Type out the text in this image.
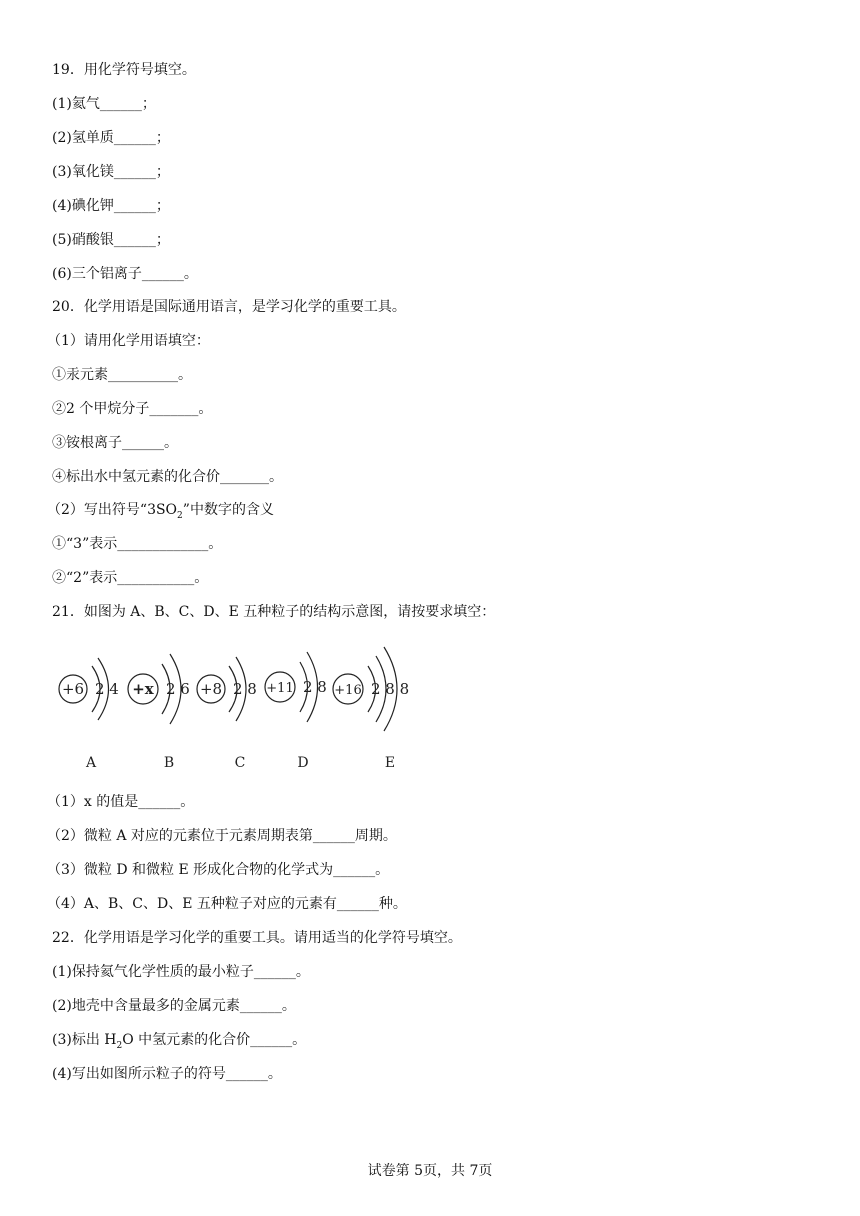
19．用化学符号填空。
(1)氦气______；
(2)氢单质______；
(3)氧化镁______；
(4)碘化钾______；
(5)硝酸银______；
(6)三个铝离子______。
20．化学用语是国际通用语言，是学习化学的重要工具。
（1）请用化学用语填空：
①汞元素__________。
②2 个甲烷分子_______。
③铵根离子______。
④标出水中氢元素的化合价_______。
（2）写出符号“$3SO_2$”中数字的含义
①“3”表示_____________。
②“2”表示___________。
21．如图为 A、B、C、D、E 五种粒子的结构示意图，请按要求填空：
+6 2 4 +x 2 6 +8 2 8 +11 2 8 +16 2 8 8
A	B	C	D	E
（1）x 的值是______。
（2）微粒 A 对应的元素位于元素周期表第______周期。
（3）微粒 D 和微粒 E 形成化合物的化学式为______。
（4）A、B、C、D、E 五种粒子对应的元素有______种。
22．化学用语是学习化学的重要工具。请用适当的化学符号填空。
(1)保持氦气化学性质的最小粒子______。
(2)地壳中含量最多的金属元素______。
(3)标出 $H_2O$ 中氢元素的化合价______。
(4)写出如图所示粒子的符号______。
试卷第 5页，共 7页
